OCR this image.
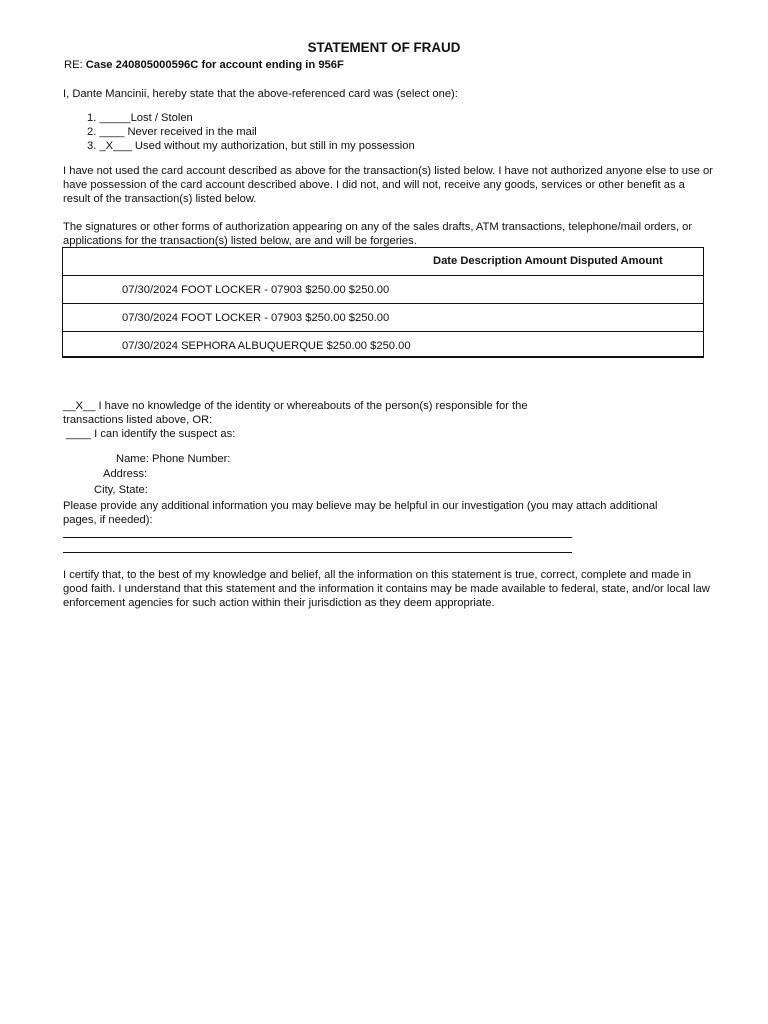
STATEMENT OF FRAUD
RE: Case 240805000596C for account ending in 956F
I, Dante Mancinii, hereby state that the above-referenced card was (select one):
1. _____Lost / Stolen
2. ____ Never received in the mail
3. _X___ Used without my authorization, but still in my possession
I have not used the card account described as above for the transaction(s) listed below. I have not authorized anyone else to use or have possession of the card account described above. I did not, and will not, receive any goods, services or other benefit as a result of the transaction(s) listed below.
The signatures or other forms of authorization appearing on any of the sales drafts, ATM transactions, telephone/mail orders, or applications for the transaction(s) listed below, are and will be forgeries.
Date Description Amount Disputed Amount
07/30/2024 FOOT LOCKER - 07903 $250.00 $250.00
07/30/2024 FOOT LOCKER - 07903 $250.00 $250.00
07/30/2024 SEPHORA ALBUQUERQUE $250.00 $250.00
__X__ I have no knowledge of the identity or whereabouts of the person(s) responsible for the
transactions listed above, OR:
____ I can identify the suspect as:
Name: Phone Number:
Address:
City, State:
Please provide any additional information you may believe may be helpful in our investigation (you may attach additional pages, if needed):
I certify that, to the best of my knowledge and belief, all the information on this statement is true, correct, complete and made in good faith. I understand that this statement and the information it contains may be made available to federal, state, and/or local law enforcement agencies for such action within their jurisdiction as they deem appropriate.
